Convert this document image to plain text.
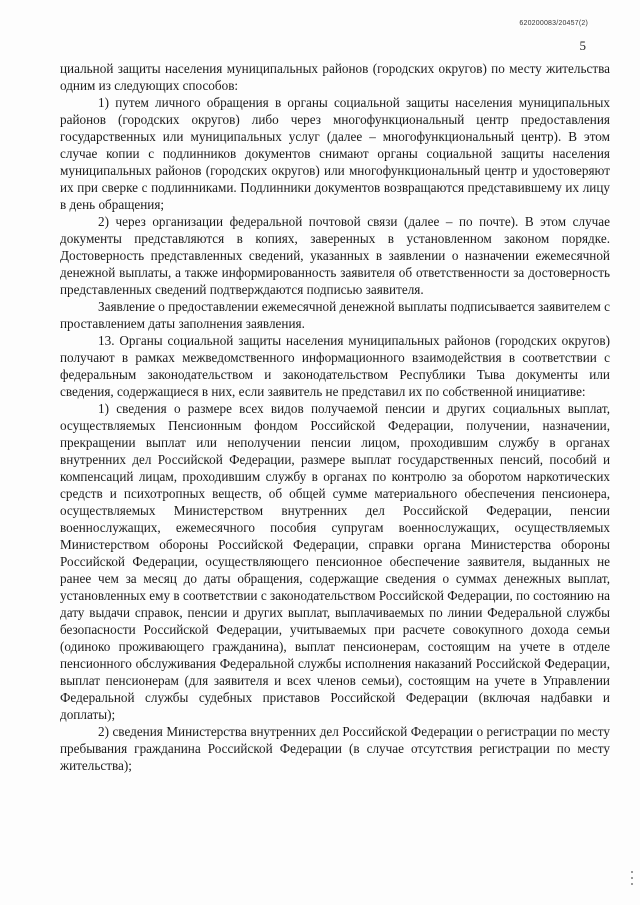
620200083/20457(2)
5

циальной защиты населения муниципальных районов (городских округов) по месту жительства одним из следующих способов:

1) путем личного обращения в органы социальной защиты населения муниципальных районов (городских округов) либо через многофункциональный центр предоставления государственных или муниципальных услуг (далее – многофункциональный центр). В этом случае копии с подлинников документов снимают органы социальной защиты населения муниципальных районов (городских округов) или многофункциональный центр и удостоверяют их при сверке с подлинниками. Подлинники документов возвращаются представившему их лицу в день обращения;

2) через организации федеральной почтовой связи (далее – по почте). В этом случае документы представляются в копиях, заверенных в установленном законом порядке. Достоверность представленных сведений, указанных в заявлении о назначении ежемесячной денежной выплаты, а также информированность заявителя об ответственности за достоверность представленных сведений подтверждаются подписью заявителя.

Заявление о предоставлении ежемесячной денежной выплаты подписывается заявителем с проставлением даты заполнения заявления.

13. Органы социальной защиты населения муниципальных районов (городских округов) получают в рамках межведомственного информационного взаимодействия в соответствии с федеральным законодательством и законодательством Республики Тыва документы или сведения, содержащиеся в них, если заявитель не представил их по собственной инициативе:

1) сведения о размере всех видов получаемой пенсии и других социальных выплат, осуществляемых Пенсионным фондом Российской Федерации, получении, назначении, прекращении выплат или неполучении пенсии лицом, проходившим службу в органах внутренних дел Российской Федерации, размере выплат государственных пенсий, пособий и компенсаций лицам, проходившим службу в органах по контролю за оборотом наркотических средств и психотропных веществ, об общей сумме материального обеспечения пенсионера, осуществляемых Министерством внутренних дел Российской Федерации, пенсии военнослужащих, ежемесячного пособия супругам военнослужащих, осуществляемых Министерством обороны Российской Федерации, справки органа Министерства обороны Российской Федерации, осуществляющего пенсионное обеспечение заявителя, выданных не ранее чем за месяц до даты обращения, содержащие сведения о суммах денежных выплат, установленных ему в соответствии с законодательством Российской Федерации, по состоянию на дату выдачи справок, пенсии и других выплат, выплачиваемых по линии Федеральной службы безопасности Российской Федерации, учитываемых при расчете совокупного дохода семьи (одиноко проживающего гражданина), выплат пенсионерам, состоящим на учете в отделе пенсионного обслуживания Федеральной службы исполнения наказаний Российской Федерации, выплат пенсионерам (для заявителя и всех членов семьи), состоящим на учете в Управлении Федеральной службы судебных приставов Российской Федерации (включая надбавки и доплаты);

2) сведения Министерства внутренних дел Российской Федерации о регистрации по месту пребывания гражданина Российской Федерации (в случае отсутствия регистрации по месту жительства);
